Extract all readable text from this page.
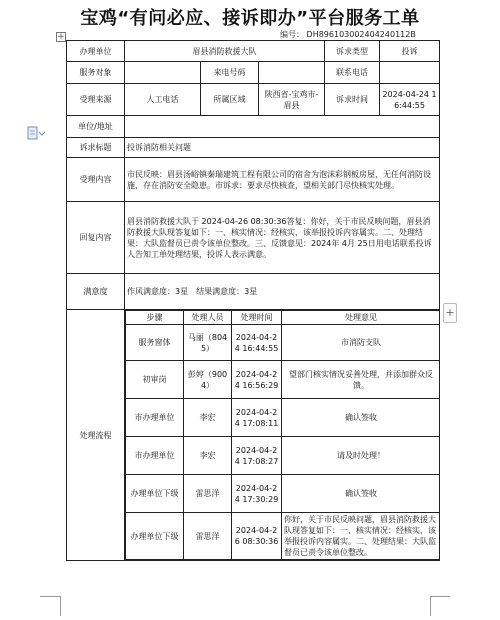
宝鸡“有问必应、接诉即办”平台服务工单
编号： DH896103002404240112B
+
+
办理单位	眉县消防救援大队	诉求类型	投诉
服务对象		来电号码		联系电话	
受理来源	人工电话	所属区域	陕西省-宝鸡市-眉县	诉求时间	2024-04-24 16:44:55
单位/地址	
诉求标题	投诉消防相关问题
受理内容	市民反映：眉县汤峪镇秦瑞建筑工程有限公司的宿舍为泡沫彩钢板房屋，无任何消防设施，存在消防安全隐患。市诉求：要求尽快核查，望相关部门尽快核实处理。
回复内容	眉县消防救援大队于 2024-04-26 08:30:36答复：你好，关于市民反映问题，眉县消防救援大队现答复如下：一、核实情况：经核实，该举报投诉内容属实。二、处理结果：大队监督员已责令该单位整改。三、反馈意见：2024年 4月 25日用电话联系投诉人告知工单处理结果，投诉人表示满意。
满意度	作风满意度：3星　结果满意度：3星
处理流程	
步骤	处理人员	处理时间	处理意见
服务窗体	马丽（8045）	2024-04-24 16:44:55	市消防支队
初审岗	彭婷（9004）	2024-04-24 16:56:29	望部门核实情况妥善处理，并添加群众反馈。
市办理单位	李宏	2024-04-24 17:08:11	确认签收
市办理单位	李宏	2024-04-24 17:08:27	请及时处理！
办理单位下级	雷思洋	2024-04-24 17:30:29	确认签收
办理单位下级	雷思洋	2024-04-26 08:30:36	你好，关于市民反映问题，眉县消防救援大队现答复如下：一、核实情况：经核实，该举报投诉内容属实。二、处理结果：大队监督员已责令该单位整改。
